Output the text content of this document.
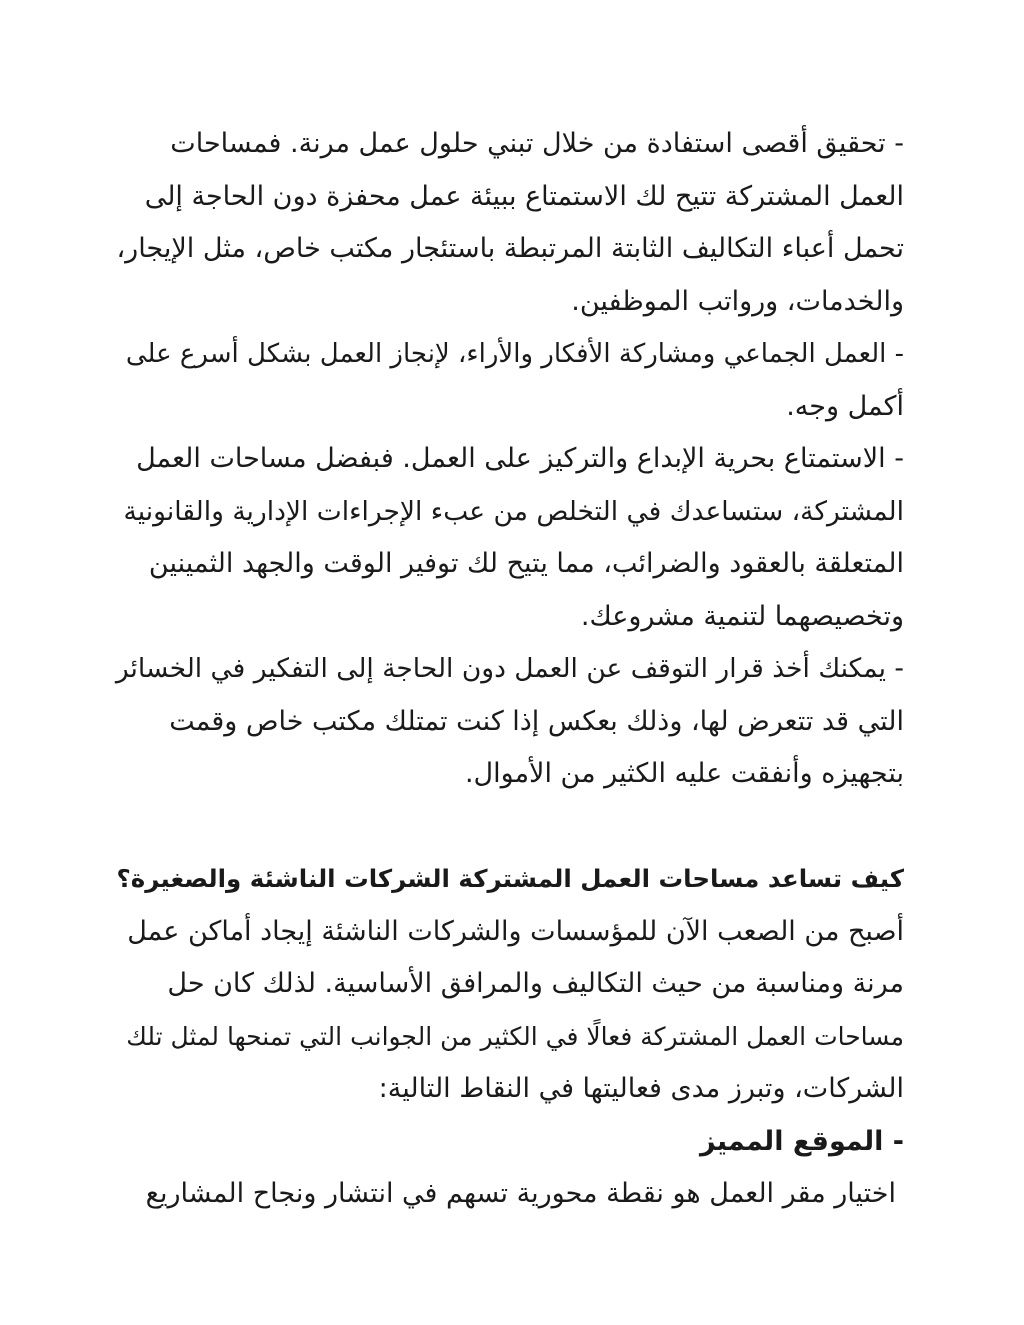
- تحقيق أقصى استفادة من خلال تبني حلول عمل مرنة. فمساحات
العمل المشتركة تتيح لك الاستمتاع ببيئة عمل محفزة دون الحاجة إلى
تحمل أعباء التكاليف الثابتة المرتبطة باستئجار مكتب خاص، مثل الإيجار،
والخدمات، ورواتب الموظفين.
- العمل الجماعي ومشاركة الأفكار والأراء، لإنجاز العمل بشكل أسرع على
أكمل وجه.
- الاستمتاع بحرية الإبداع والتركيز على العمل. فبفضل مساحات العمل
المشتركة، ستساعدك في التخلص من عبء الإجراءات الإدارية والقانونية
المتعلقة بالعقود والضرائب، مما يتيح لك توفير الوقت والجهد الثمينين
وتخصيصهما لتنمية مشروعك.
- يمكنك أخذ قرار التوقف عن العمل دون الحاجة إلى التفكير في الخسائر
التي قد تتعرض لها، وذلك بعكس إذا كنت تمتلك مكتب خاص وقمت
بتجهيزه وأنفقت عليه الكثير من الأموال.
كيف تساعد مساحات العمل المشتركة الشركات الناشئة والصغيرة؟
أصبح من الصعب الآن للمؤسسات والشركات الناشئة إيجاد أماكن عمل
مرنة ومناسبة من حيث التكاليف والمرافق الأساسية. لذلك كان حل
مساحات العمل المشتركة فعالًا في الكثير من الجوانب التي تمنحها لمثل تلك
الشركات، وتبرز مدى فعاليتها في النقاط التالية:
- الموقع المميز
اختيار مقر العمل هو نقطة محورية تسهم في انتشار ونجاح المشاريع
